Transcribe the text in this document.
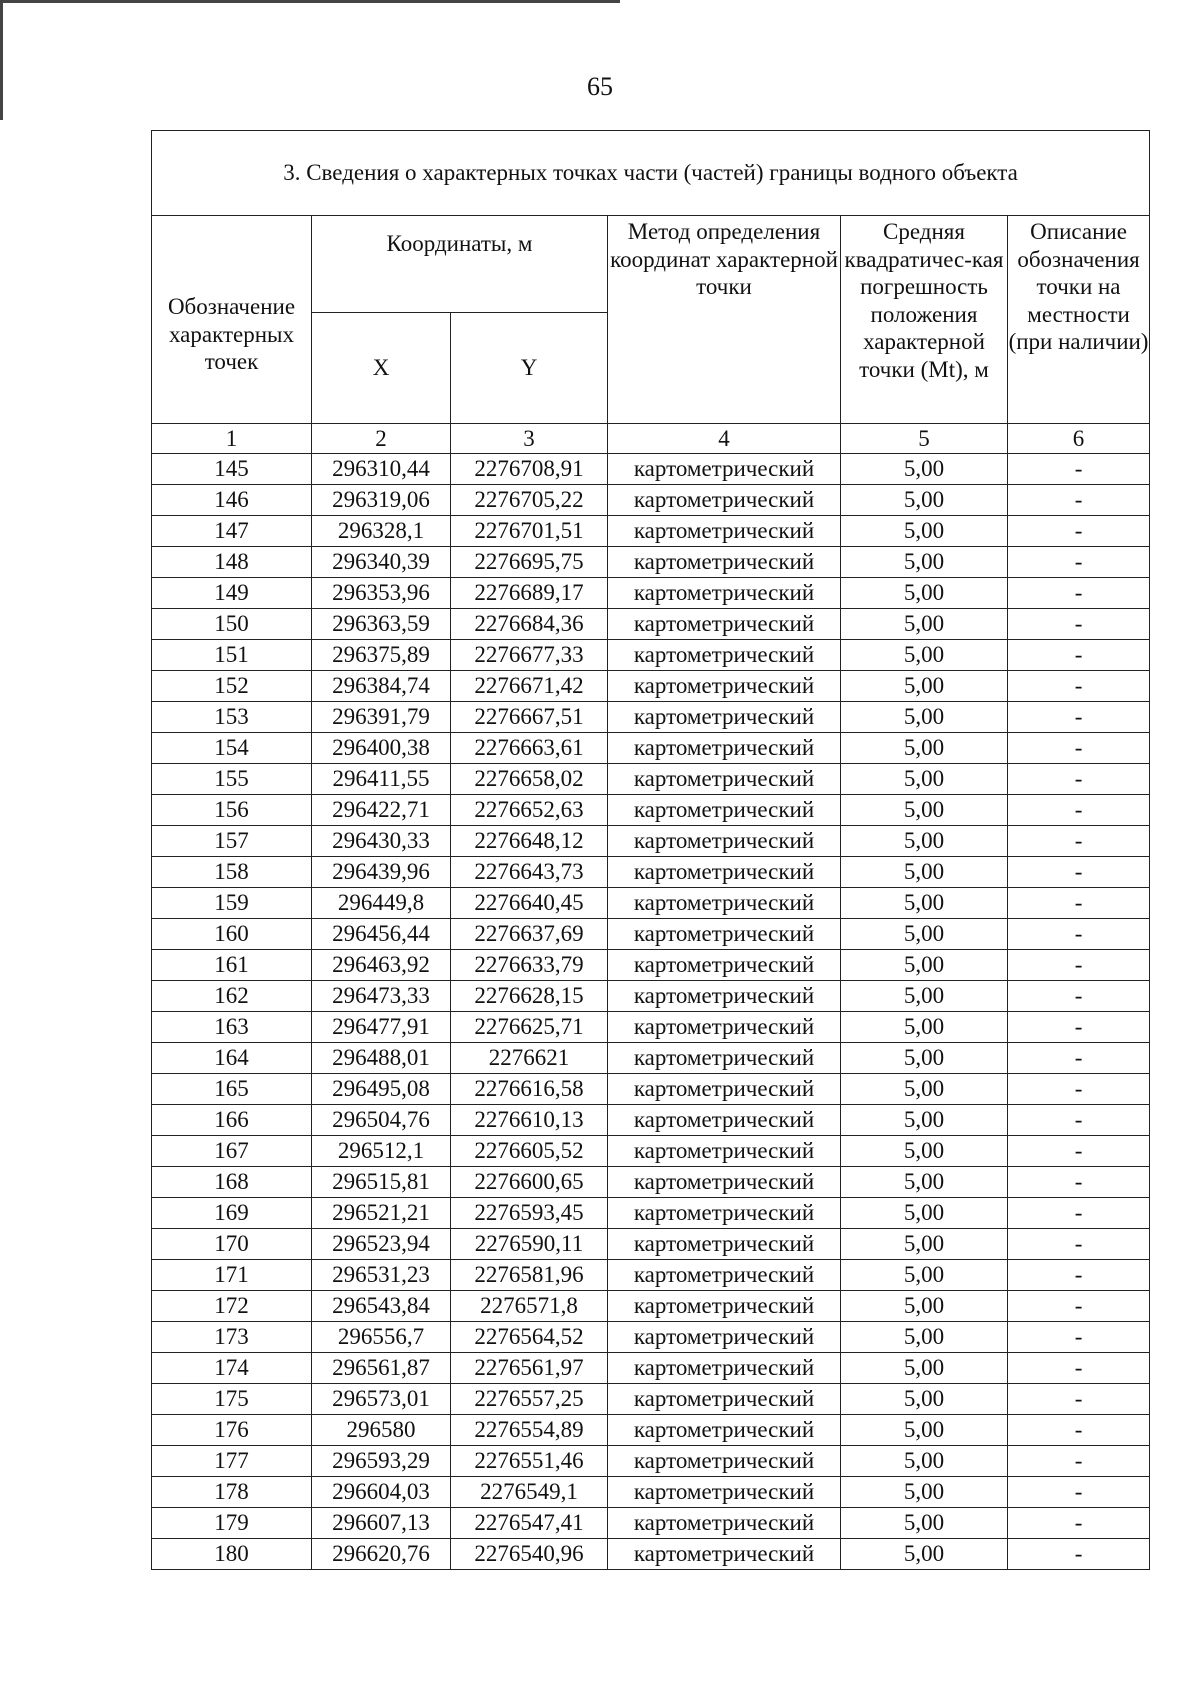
65
3. Сведения о характерных точках части (частей) границы водного объекта					
Обозначение характерных точек	Координаты, м		Метод определения координат характерной точки	Средняя квадратичес-кая погрешность положения характерной точки (Mt), м	Описание обозначения точки на местности (при наличии)
	X	Y			
1	2	3	4	5	6
145	296310,44	2276708,91	картометрический	5,00	-
146	296319,06	2276705,22	картометрический	5,00	-
147	296328,1	2276701,51	картометрический	5,00	-
148	296340,39	2276695,75	картометрический	5,00	-
149	296353,96	2276689,17	картометрический	5,00	-
150	296363,59	2276684,36	картометрический	5,00	-
151	296375,89	2276677,33	картометрический	5,00	-
152	296384,74	2276671,42	картометрический	5,00	-
153	296391,79	2276667,51	картометрический	5,00	-
154	296400,38	2276663,61	картометрический	5,00	-
155	296411,55	2276658,02	картометрический	5,00	-
156	296422,71	2276652,63	картометрический	5,00	-
157	296430,33	2276648,12	картометрический	5,00	-
158	296439,96	2276643,73	картометрический	5,00	-
159	296449,8	2276640,45	картометрический	5,00	-
160	296456,44	2276637,69	картометрический	5,00	-
161	296463,92	2276633,79	картометрический	5,00	-
162	296473,33	2276628,15	картометрический	5,00	-
163	296477,91	2276625,71	картометрический	5,00	-
164	296488,01	2276621	картометрический	5,00	-
165	296495,08	2276616,58	картометрический	5,00	-
166	296504,76	2276610,13	картометрический	5,00	-
167	296512,1	2276605,52	картометрический	5,00	-
168	296515,81	2276600,65	картометрический	5,00	-
169	296521,21	2276593,45	картометрический	5,00	-
170	296523,94	2276590,11	картометрический	5,00	-
171	296531,23	2276581,96	картометрический	5,00	-
172	296543,84	2276571,8	картометрический	5,00	-
173	296556,7	2276564,52	картометрический	5,00	-
174	296561,87	2276561,97	картометрический	5,00	-
175	296573,01	2276557,25	картометрический	5,00	-
176	296580	2276554,89	картометрический	5,00	-
177	296593,29	2276551,46	картометрический	5,00	-
178	296604,03	2276549,1	картометрический	5,00	-
179	296607,13	2276547,41	картометрический	5,00	-
180	296620,76	2276540,96	картометрический	5,00	-
